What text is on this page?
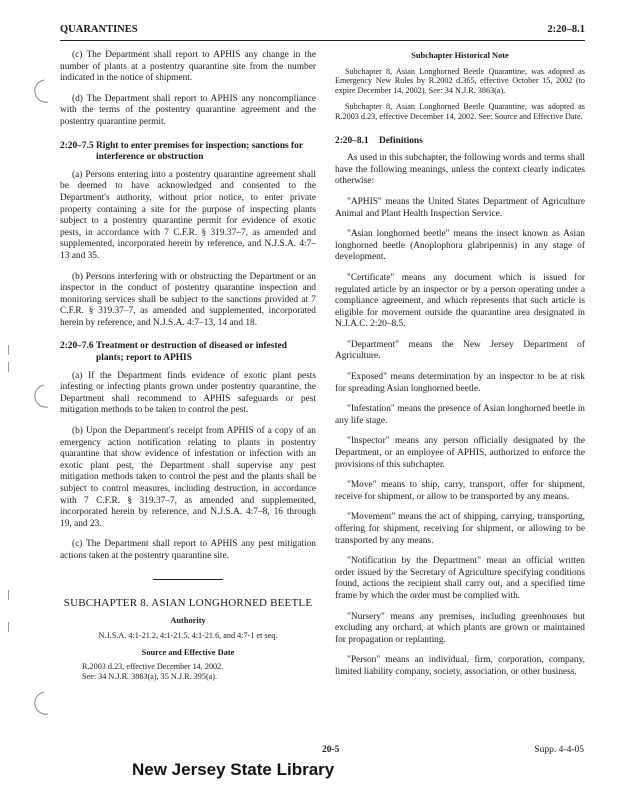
QUARANTINES	2:20–8.1

(c) The Department shall report to APHIS any change in the number of plants at a postentry quarantine site from the number indicated in the notice of shipment.

(d) The Department shall report to APHIS any noncompliance with the terms of the postentry quarantine agreement and the postentry quarantine permit.

2:20–7.5 Right to enter premises for inspection; sanctions for interference or obstruction

(a) Persons entering into a postentry quarantine agreement shall be deemed to have acknowledged and consented to the Department's authority, without prior notice, to enter private property containing a site for the purpose of inspecting plants subject to a postentry quarantine permit for evidence of exotic pests, in accordance with 7 C.F.R. § 319.37–7, as amended and supplemented, incorporated herein by reference, and N.J.S.A. 4:7–13 and 35.

(b) Persons interfering with or obstructing the Department or an inspector in the conduct of postentry quarantine inspection and monitoring services shall be subject to the sanctions provided at 7 C.F.R. § 319.37–7, as amended and supplemented, incorporated herein by reference, and N.J.S.A. 4:7–13, 14 and 18.

2:20–7.6 Treatment or destruction of diseased or infested plants; report to APHIS

(a) If the Department finds evidence of exotic plant pests infesting or infecting plants grown under postentry quarantine, the Department shall recommend to APHIS safeguards or pest mitigation methods to be taken to control the pest.

(b) Upon the Department's receipt from APHIS of a copy of an emergency action notification relating to plants in postentry quarantine that show evidence of infestation or infection with an exotic plant pest, the Department shall supervise any pest mitigation methods taken to control the pest and the plants shall be subject to control measures, including destruction, in accordance with 7 C.F.R. § 319.37–7, as amended and supplemented, incorporated herein by reference, and N.J.S.A. 4:7–8, 16 through 19, and 23.

(c) The Department shall report to APHIS any pest mitigation actions taken at the postentry quarantine site.

SUBCHAPTER 8. ASIAN LONGHORNED BEETLE
Authority
N.J.S.A. 4:1-21.2, 4:1-21.5, 4:1-21.6, and 4:7-1 et seq.
Source and Effective Date
R.2003 d.23, effective December 14, 2002.
See: 34 N.J.R. 3863(a), 35 N.J.R. 395(a).
Subchapter Historical Note

Subchapter 8, Asian Longhorned Beetle Quarantine, was adopted as Emergency New Rules by R.2002 d.365, effective October 15, 2002 (to expire December 14, 2002). See: 34 N.J.R. 3863(a).

Subchapter 8, Asian Longhorned Beetle Quarantine, was adopted as R.2003 d.23, effective December 14, 2002. See: Source and Effective Date.

2:20–8.1 Definitions

As used in this subchapter, the following words and terms shall have the following meanings, unless the context clearly indicates otherwise:

"APHIS" means the United States Department of Agriculture Animal and Plant Health Inspection Service.

"Asian longhorned beetle" means the insect known as Asian longhorned beetle (Anoplophora glabripennis) in any stage of development.

"Certificate" means any document which is issued for regulated article by an inspector or by a person operating under a compliance agreement, and which represents that such article is eligible for movement outside the quarantine area designated in N.J.A.C. 2:20–8.5.

"Department" means the New Jersey Department of Agriculture.

"Exposed" means determination by an inspector to be at risk for spreading Asian longhorned beetle.

"Infestation" means the presence of Asian longhorned beetle in any life stage.

"Inspector" means any person officially designated by the Department, or an employee of APHIS, authorized to enforce the provisions of this subchapter.

"Move" means to ship, carry, transport, offer for shipment, receive for shipment, or allow to be transported by any means.

"Movement" means the act of shipping, carrying, transporting, offering for shipment, receiving for shipment, or allowing to be transported by any means.

"Notification by the Department" mean an official written order issued by the Secretary of Agriculture specifying conditions found, actions the recipient shall carry out, and a specified time frame by which the order must be complied with.

"Nursery" means any premises, including greenhouses but excluding any orchard, at which plants are grown or maintained for propagation or replanting.

"Person" means an individual, firm, corporation, company, limited liability company, society, association, or other business.

20-5	Supp. 4-4-05
New Jersey State Library
